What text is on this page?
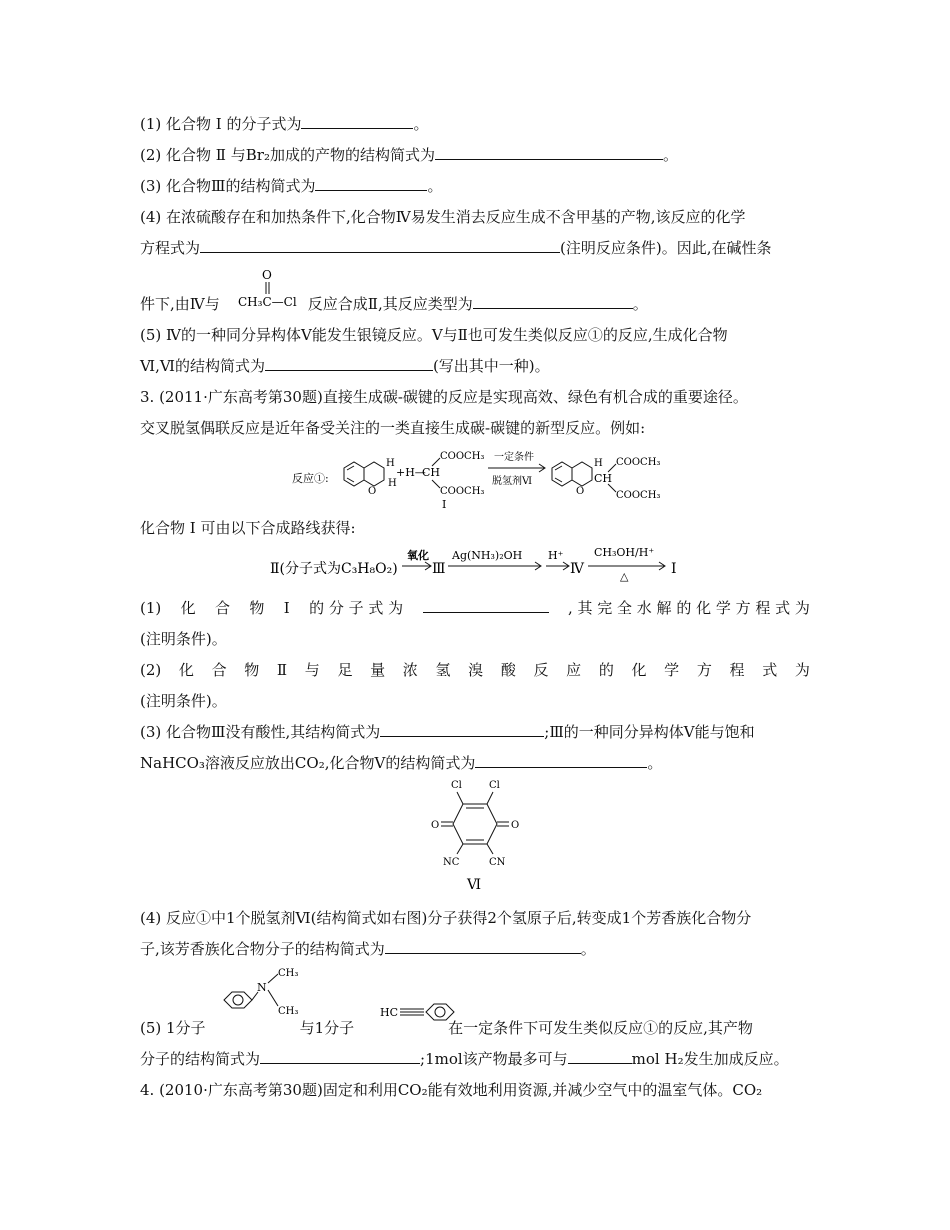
(1) 化合物 Ⅰ 的分子式为	。
(2) 化合物 Ⅱ 与Br₂加成的产物的结构简式为	。
(3) 化合物Ⅲ的结构简式为	。
(4) 在浓硫酸存在和加热条件下,化合物Ⅳ易发生消去反应生成不含甲基的产物,该反应的化学
方程式为	(注明反应条件)。因此,在碱性条
O
CH₃C—Cl
件下,由Ⅳ与	反应合成Ⅱ,其反应类型为	。
(5) Ⅳ的一种同分异构体Ⅴ能发生银镜反应。Ⅴ与Ⅱ也可发生类似反应①的反应,生成化合物
Ⅵ,Ⅵ的结构简式为	(写出其中一种)。
3. (2011·广东高考第30题)直接生成碳-碳键的反应是实现高效、绿色有机合成的重要途径。
交叉脱氢偶联反应是近年备受关注的一类直接生成碳-碳键的新型反应。例如:
反应①:
O
H
H
+H—
CH
COOCH₃
COOCH₃
Ⅰ
一定条件
脱氢剂Ⅵ
O
H
CH
COOCH₃
COOCH₃
化合物 Ⅰ 可由以下合成路线获得:
Ⅱ(分子式为C₃H₈O₂)
氧化
Ⅲ
Ag(NH₃)₂OH H⁺
Ⅳ
CH₃OH/H⁺
△	Ⅰ
(1) 化 合 物 Ⅰ 的 分 子 式 为	, 其 完 全 水 解 的 化 学 方 程 式 为
(注明条件)。
(2) 化 合 物 Ⅱ 与 足 量 浓 氢 溴 酸 反 应 的 化 学 方 程 式 为
(注明条件)。
(3) 化合物Ⅲ没有酸性,其结构简式为	;Ⅲ的一种同分异构体Ⅴ能与饱和
NaHCO₃溶液反应放出CO₂,化合物Ⅴ的结构简式为	。
Cl	Cl
O	O
NC	CN
Ⅵ
(4) 反应①中1个脱氢剂Ⅵ(结构简式如右图)分子获得2个氢原子后,转变成1个芳香族化合物分
子,该芳香族化合物分子的结构简式为	。
N
CH₃
CH₃	HC
(5) 1分子	与1分子	在一定条件下可发生类似反应①的反应,其产物
分子的结构简式为	;1mol该产物最多可与	mol H₂发生加成反应。
4. (2010·广东高考第30题)固定和利用CO₂能有效地利用资源,并减少空气中的温室气体。CO₂
